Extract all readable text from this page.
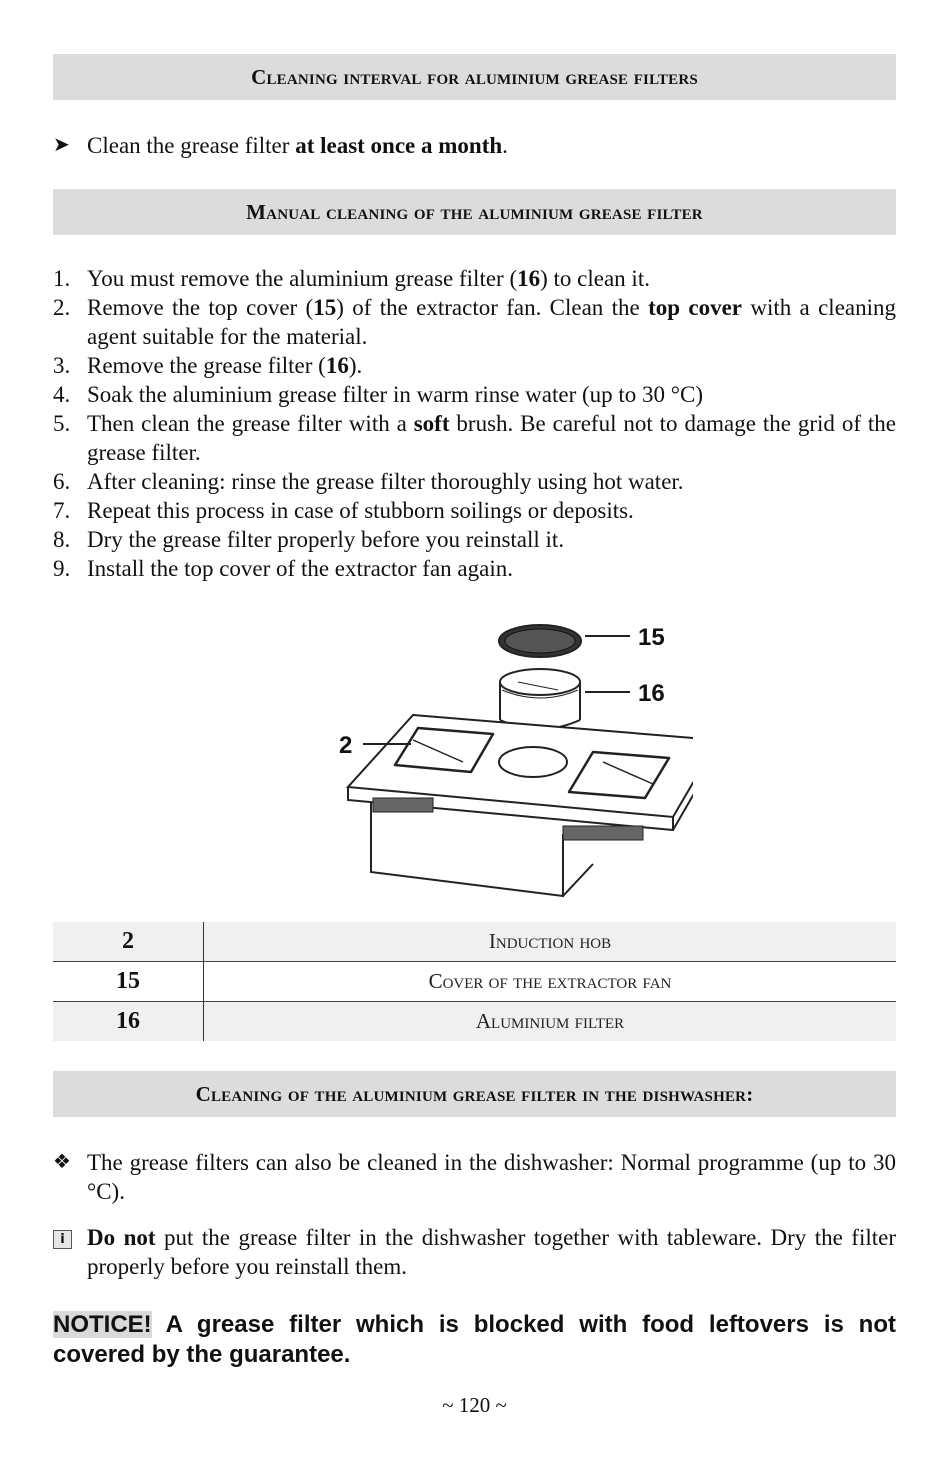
Cleaning interval for aluminium grease filters
➤ Clean the grease filter at least once a month.
Manual cleaning of the aluminium grease filter
1. You must remove the aluminium grease filter (16) to clean it.
2. Remove the top cover (15) of the extractor fan. Clean the top cover with a cleaning agent suitable for the material.
3. Remove the grease filter (16).
4. Soak the aluminium grease filter in warm rinse water (up to 30 °C)
5. Then clean the grease filter with a soft brush. Be careful not to damage the grid of the grease filter.
6. After cleaning: rinse the grease filter thoroughly using hot water.
7. Repeat this process in case of stubborn soilings or deposits.
8. Dry the grease filter properly before you reinstall it.
9. Install the top cover of the extractor fan again.
15
16
2
2	Induction hob
15	Cover of the extractor fan
16	Aluminium filter
Cleaning of the aluminium grease filter in the dishwasher:
❖ The grease filters can also be cleaned in the dishwasher: Normal programme (up to 30 °C).
i Do not put the grease filter in the dishwasher together with tableware. Dry the filter properly before you reinstall them.
NOTICE! A grease filter which is blocked with food leftovers is not covered by the guarantee.
~ 120 ~
